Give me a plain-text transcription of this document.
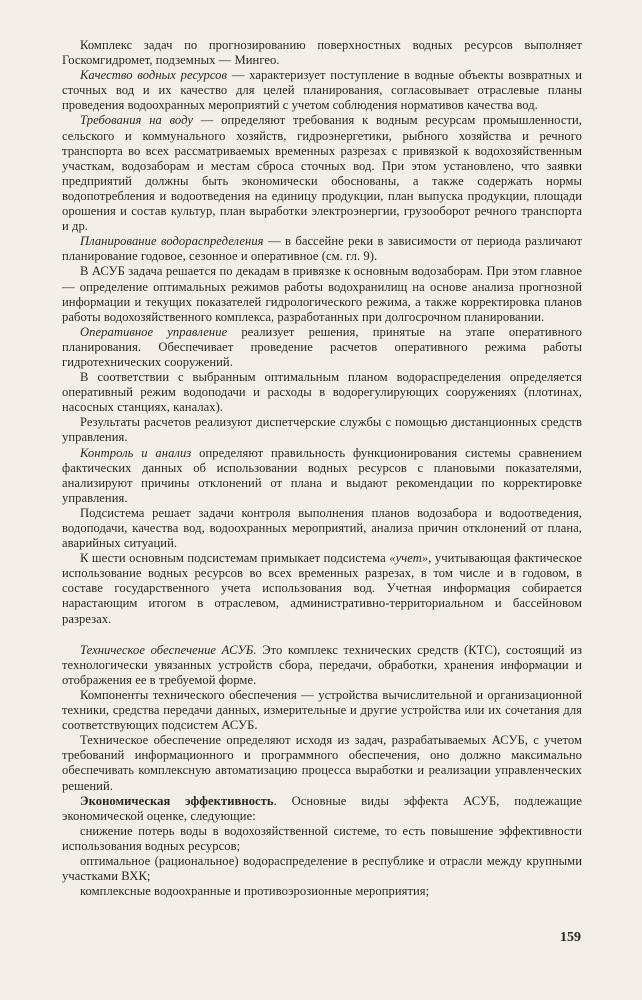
Комплекс задач по прогнозированию поверхностных водных ресурсов выполняет Госкомгидромет, подземных — Мингео.

Качество водных ресурсов — характеризует поступление в водные объекты возвратных и сточных вод и их качество для целей планирования, согласовывает отраслевые планы проведения водоохранных мероприятий с учетом соблюдения нормативов качества вод.

Требования на воду — определяют требования к водным ресурсам промышленности, сельского и коммунального хозяйств, гидроэнергетики, рыбного хозяйства и речного транспорта во всех рассматриваемых временных разрезах с привязкой к водохозяйственным участкам, водозаборам и местам сброса сточных вод. При этом установлено, что заявки предприятий должны быть экономически обоснованы, а также содержать нормы водопотребления и водоотведения на единицу продукции, план выпуска продукции, площади орошения и состав культур, план выработки электроэнергии, грузооборот речного транспорта и др.

Планирование водораспределения — в бассейне реки в зависимости от периода различают планирование годовое, сезонное и оперативное (см. гл. 9).

В АСУБ задача решается по декадам в привязке к основным водозаборам. При этом главное — определение оптимальных режимов работы водохранилищ на основе анализа прогнозной информации и текущих показателей гидрологического режима, а также корректировка планов работы водохозяйственного комплекса, разработанных при долгосрочном планировании.

Оперативное управление реализует решения, принятые на этапе оперативного планирования. Обеспечивает проведение расчетов оперативного режима работы гидротехнических сооружений.

В соответствии с выбранным оптимальным планом водораспределения определяется оперативный режим водоподачи и расходы в водорегулирующих сооружениях (плотинах, насосных станциях, каналах).

Результаты расчетов реализуют диспетчерские службы с помощью дистанционных средств управления.

Контроль и анализ определяют правильность функционирования системы сравнением фактических данных об использовании водных ресурсов с плановыми показателями, анализируют причины отклонений от плана и выдают рекомендации по корректировке управления.

Подсистема решает задачи контроля выполнения планов водозабора и водоотведения, водоподачи, качества вод, водоохранных мероприятий, анализа причин отклонений от плана, аварийных ситуаций.

К шести основным подсистемам примыкает подсистема «учет», учитывающая фактическое использование водных ресурсов во всех временных разрезах, в том числе и в годовом, в составе государственного учета использования вод. Учетная информация собирается нарастающим итогом в отраслевом, административно-территориальном и бассейновом разрезах.

Техническое обеспечение АСУБ. Это комплекс технических средств (КТС), состоящий из технологически увязанных устройств сбора, передачи, обработки, хранения информации и отображения ее в требуемой форме.

Компоненты технического обеспечения — устройства вычислительной и организационной техники, средства передачи данных, измерительные и другие устройства или их сочетания для соответствующих подсистем АСУБ.

Техническое обеспечение определяют исходя из задач, разрабатываемых АСУБ, с учетом требований информационного и программного обеспечения, оно должно максимально обеспечивать комплексную автоматизацию процесса выработки и реализации управленческих решений.

Экономическая эффективность. Основные виды эффекта АСУБ, подлежащие экономической оценке, следующие:

снижение потерь воды в водохозяйственной системе, то есть повышение эффективности использования водных ресурсов;

оптимальное (рациональное) водораспределение в республике и отрасли между крупными участками ВХК;

комплексные водоохранные и противоэрозионные мероприятия;

159
